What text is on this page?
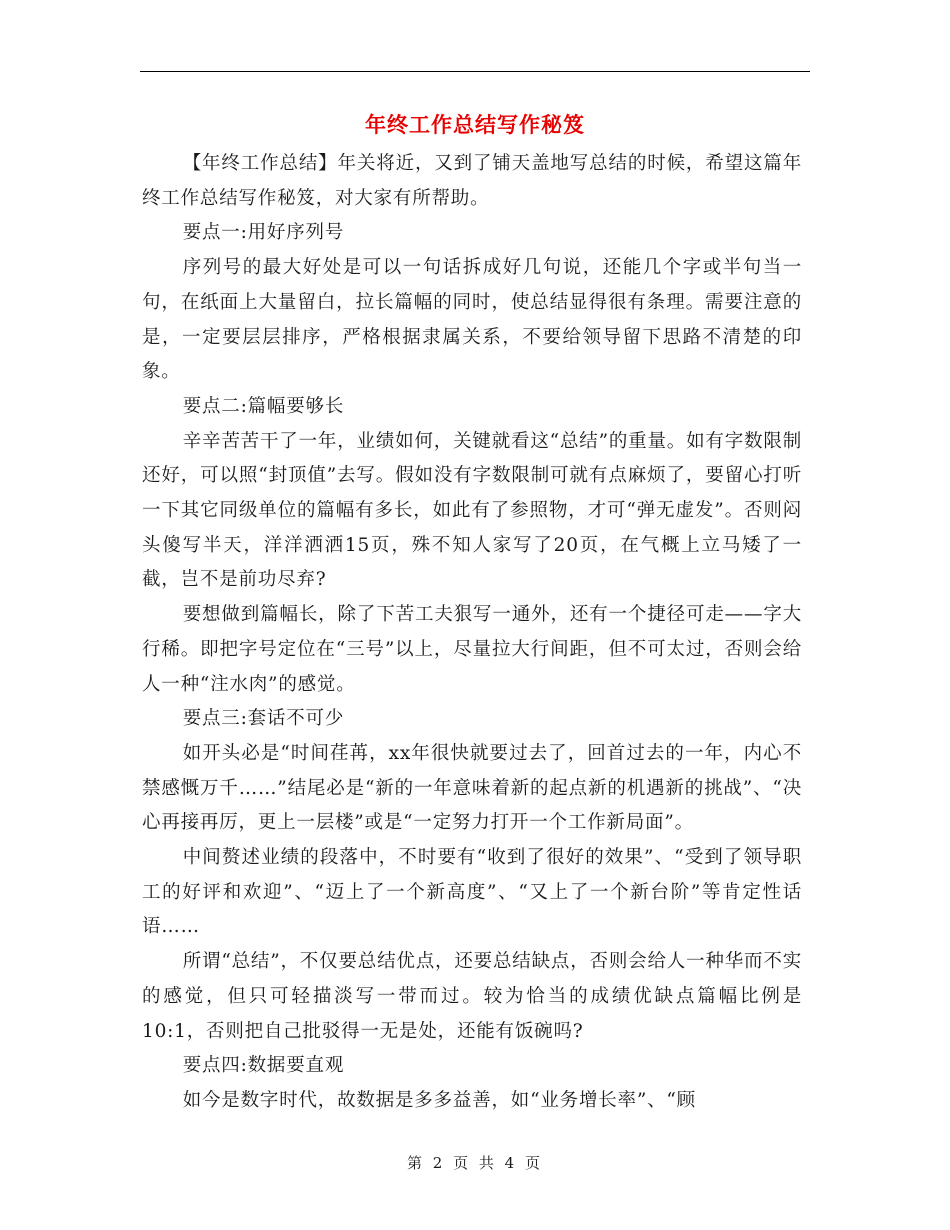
年终工作总结写作秘笈

【年终工作总结】年关将近，又到了铺天盖地写总结的时候，希望这篇年终工作总结写作秘笈，对大家有所帮助。

要点一:用好序列号

序列号的最大好处是可以一句话拆成好几句说，还能几个字或半句当一句，在纸面上大量留白，拉长篇幅的同时，使总结显得很有条理。需要注意的是，一定要层层排序，严格根据隶属关系，不要给领导留下思路不清楚的印象。

要点二:篇幅要够长

辛辛苦苦干了一年，业绩如何，关键就看这“总结”的重量。如有字数限制还好，可以照“封顶值”去写。假如没有字数限制可就有点麻烦了，要留心打听一下其它同级单位的篇幅有多长，如此有了参照物，才可“弹无虚发”。否则闷头傻写半天，洋洋洒洒15页，殊不知人家写了20页，在气概上立马矮了一截，岂不是前功尽弃?

要想做到篇幅长，除了下苦工夫狠写一通外，还有一个捷径可走——字大行稀。即把字号定位在“三号”以上，尽量拉大行间距，但不可太过，否则会给人一种“注水肉”的感觉。

要点三:套话不可少

如开头必是“时间荏苒，xx年很快就要过去了，回首过去的一年，内心不禁感慨万千……”结尾必是“新的一年意味着新的起点新的机遇新的挑战”、“决心再接再厉，更上一层楼”或是“一定努力打开一个工作新局面”。

中间赘述业绩的段落中，不时要有“收到了很好的效果”、“受到了领导职工的好评和欢迎”、“迈上了一个新高度”、“又上了一个新台阶”等肯定性话语……

所谓“总结”，不仅要总结优点，还要总结缺点，否则会给人一种华而不实的感觉，但只可轻描淡写一带而过。较为恰当的成绩优缺点篇幅比例是10:1，否则把自己批驳得一无是处，还能有饭碗吗?

要点四:数据要直观

如今是数字时代，故数据是多多益善，如“业务增长率”、“顾

第 2 页 共 4 页
